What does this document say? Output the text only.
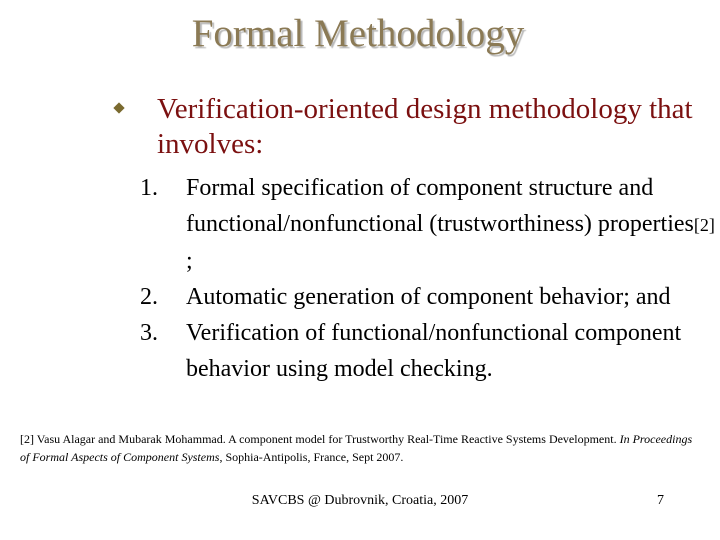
Formal Methodology
Verification-oriented design methodology that involves:
1.	Formal specification of component structure and functional/nonfunctional (trustworthiness) properties[2] ;
2.	Automatic generation of component behavior; and
3.	Verification of functional/nonfunctional component behavior using model checking.
[2] Vasu Alagar and Mubarak Mohammad. A component model for Trustworthy Real-Time Reactive Systems Development. In Proceedings of Formal Aspects of Component Systems, Sophia-Antipolis, France, Sept 2007.
SAVCBS @ Dubrovnik, Croatia, 2007	7
